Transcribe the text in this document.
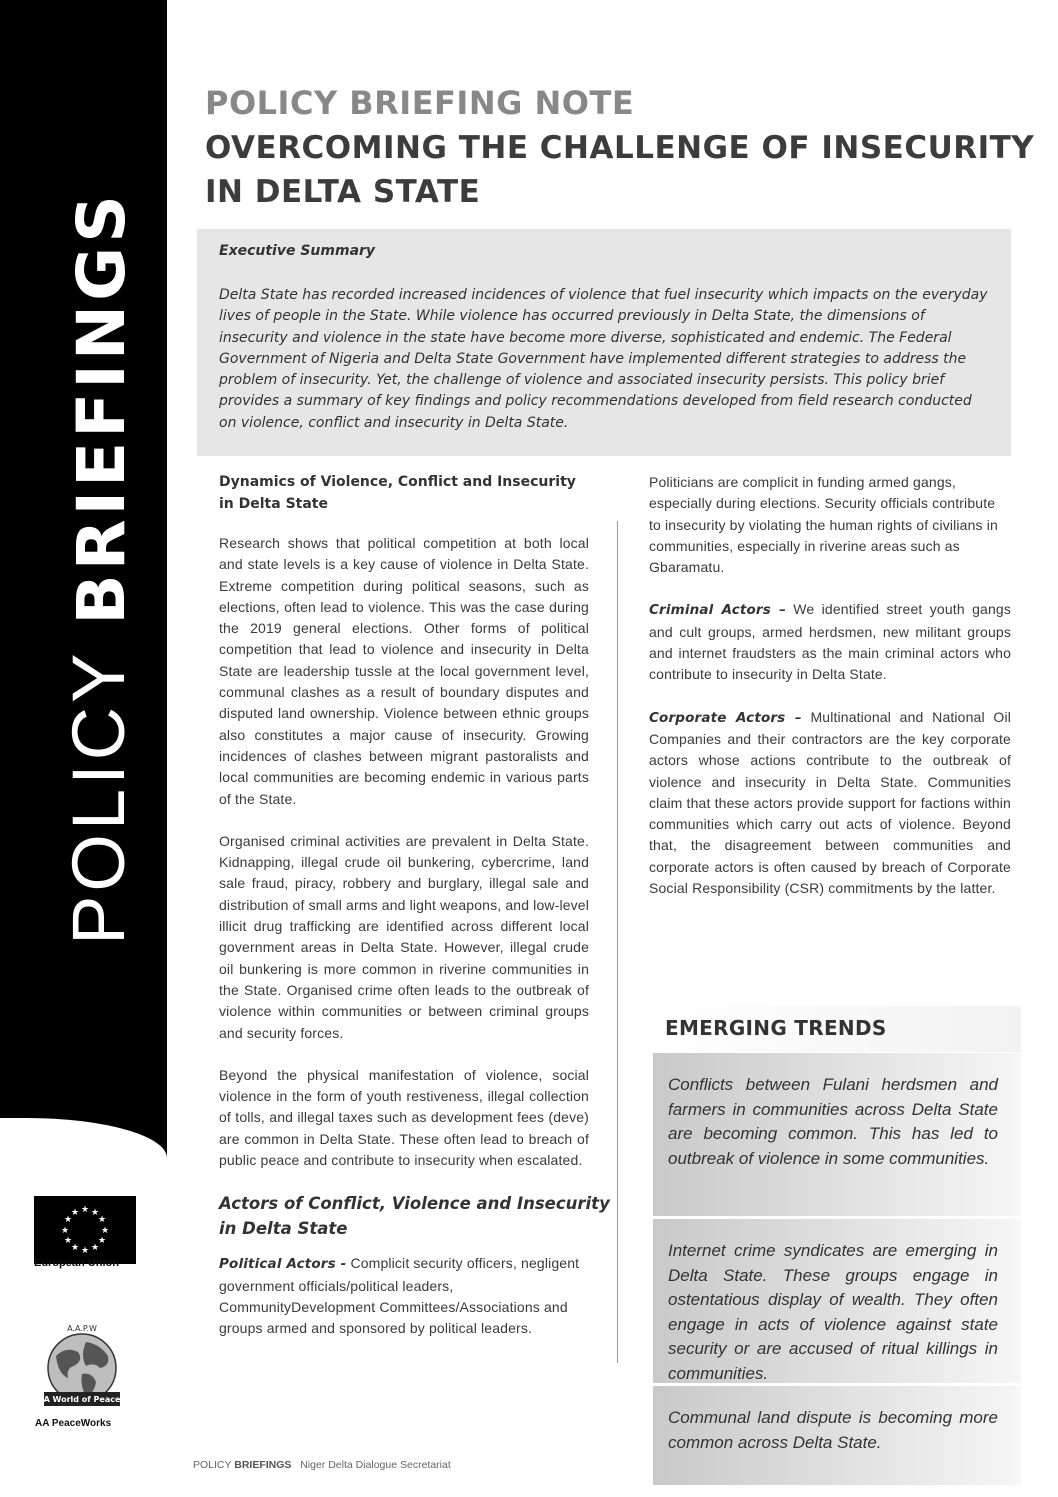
POLICY BRIEFINGS
★ ★
★
★
★
★
★
★
★
★
★
★
European Union
A World of Peace
A.A.P.W
AA PeaceWorks
POLICY BRIEFING NOTE
OVERCOMING THE CHALLENGE OF INSECURITY IN DELTA STATE
Executive Summary
Delta State has recorded increased incidences of violence that fuel insecurity which impacts on the everyday lives of people in the State. While violence has occurred previously in Delta State, the dimensions of insecurity and violence in the state have become more diverse, sophisticated and endemic. The Federal Government of Nigeria and Delta State Government have implemented different strategies to address the problem of insecurity. Yet, the challenge of violence and associated insecurity persists. This policy brief provides a summary of key findings and policy recommendations developed from field research conducted on violence, conflict and insecurity in Delta State.
Dynamics of Violence, Conflict and Insecurity in Delta State

Research shows that political competition at both local and state levels is a key cause of violence in Delta State. Extreme competition during political seasons, such as elections, often lead to violence. This was the case during the 2019 general elections. Other forms of political competition that lead to violence and insecurity in Delta State are leadership tussle at the local government level, communal clashes as a result of boundary disputes and disputed land ownership. Violence between ethnic groups also constitutes a major cause of insecurity. Growing incidences of clashes between migrant pastoralists and local communities are becoming endemic in various parts of the State.

Organised criminal activities are prevalent in Delta State. Kidnapping, illegal crude oil bunkering, cybercrime, land sale fraud, piracy, robbery and burglary, illegal sale and distribution of small arms and light weapons, and low-level illicit drug trafficking are identified across different local government areas in Delta State. However, illegal crude oil bunkering is more common in riverine communities in the State. Organised crime often leads to the outbreak of violence within communities or between criminal groups and security forces.

Beyond the physical manifestation of violence, social violence in the form of youth restiveness, illegal collection of tolls, and illegal taxes such as development fees (deve) are common in Delta State. These often lead to breach of public peace and contribute to insecurity when escalated.

Actors of Conflict, Violence and Insecurity in Delta State

Political Actors - Complicit security officers, negligent government officials/political leaders, CommunityDevelopment Committees/Associations and groups armed and sponsored by political leaders.

Politicians are complicit in funding armed gangs, especially during elections. Security officials contribute to insecurity by violating the human rights of civilians in communities, especially in riverine areas such as Gbaramatu.

Criminal Actors – We identified street youth gangs and cult groups, armed herdsmen, new militant groups and internet fraudsters as the main criminal actors who contribute to insecurity in Delta State.

Corporate Actors – Multinational and National Oil Companies and their contractors are the key corporate actors whose actions contribute to the outbreak of violence and insecurity in Delta State. Communities claim that these actors provide support for factions within communities which carry out acts of violence. Beyond that, the disagreement between communities and corporate actors is often caused by breach of Corporate Social Responsibility (CSR) commitments by the latter.

EMERGING TRENDS

Conflicts between Fulani herdsmen and farmers in communities across Delta State are becoming common. This has led to outbreak of violence in some communities.

Internet crime syndicates are emerging in Delta State. These groups engage in ostentatious display of wealth. They often engage in acts of violence against state security or are accused of ritual killings in communities.

Communal land dispute is becoming more common across Delta State.

POLICY BRIEFINGS Niger Delta Dialogue Secretariat
